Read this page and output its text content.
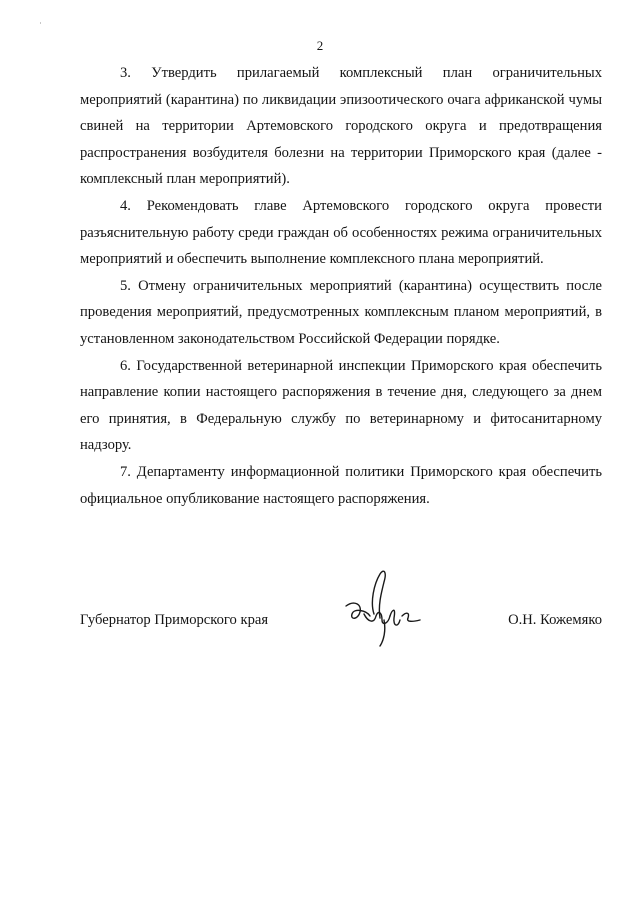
2

3. Утвердить прилагаемый комплексный план ограничительных мероприятий (карантина) по ликвидации эпизоотического очага африканской чумы свиней на территории Артемовского городского округа и предотвращения распространения возбудителя болезни на территории Приморского края (далее - комплексный план мероприятий).

4. Рекомендовать главе Артемовского городского округа провести разъяснительную работу среди граждан об особенностях режима ограничительных мероприятий и обеспечить выполнение комплексного плана мероприятий.

5. Отмену ограничительных мероприятий (карантина) осуществить после проведения мероприятий, предусмотренных комплексным планом мероприятий, в установленном законодательством Российской Федерации порядке.

6. Государственной ветеринарной инспекции Приморского края обеспечить направление копии настоящего распоряжения в течение дня, следующего за днем его принятия, в Федеральную службу по ветеринарному и фитосанитарному надзору.

7. Департаменту информационной политики Приморского края обеспечить официальное опубликование настоящего распоряжения.

Губернатор Приморского края	О.Н. Кожемяко
